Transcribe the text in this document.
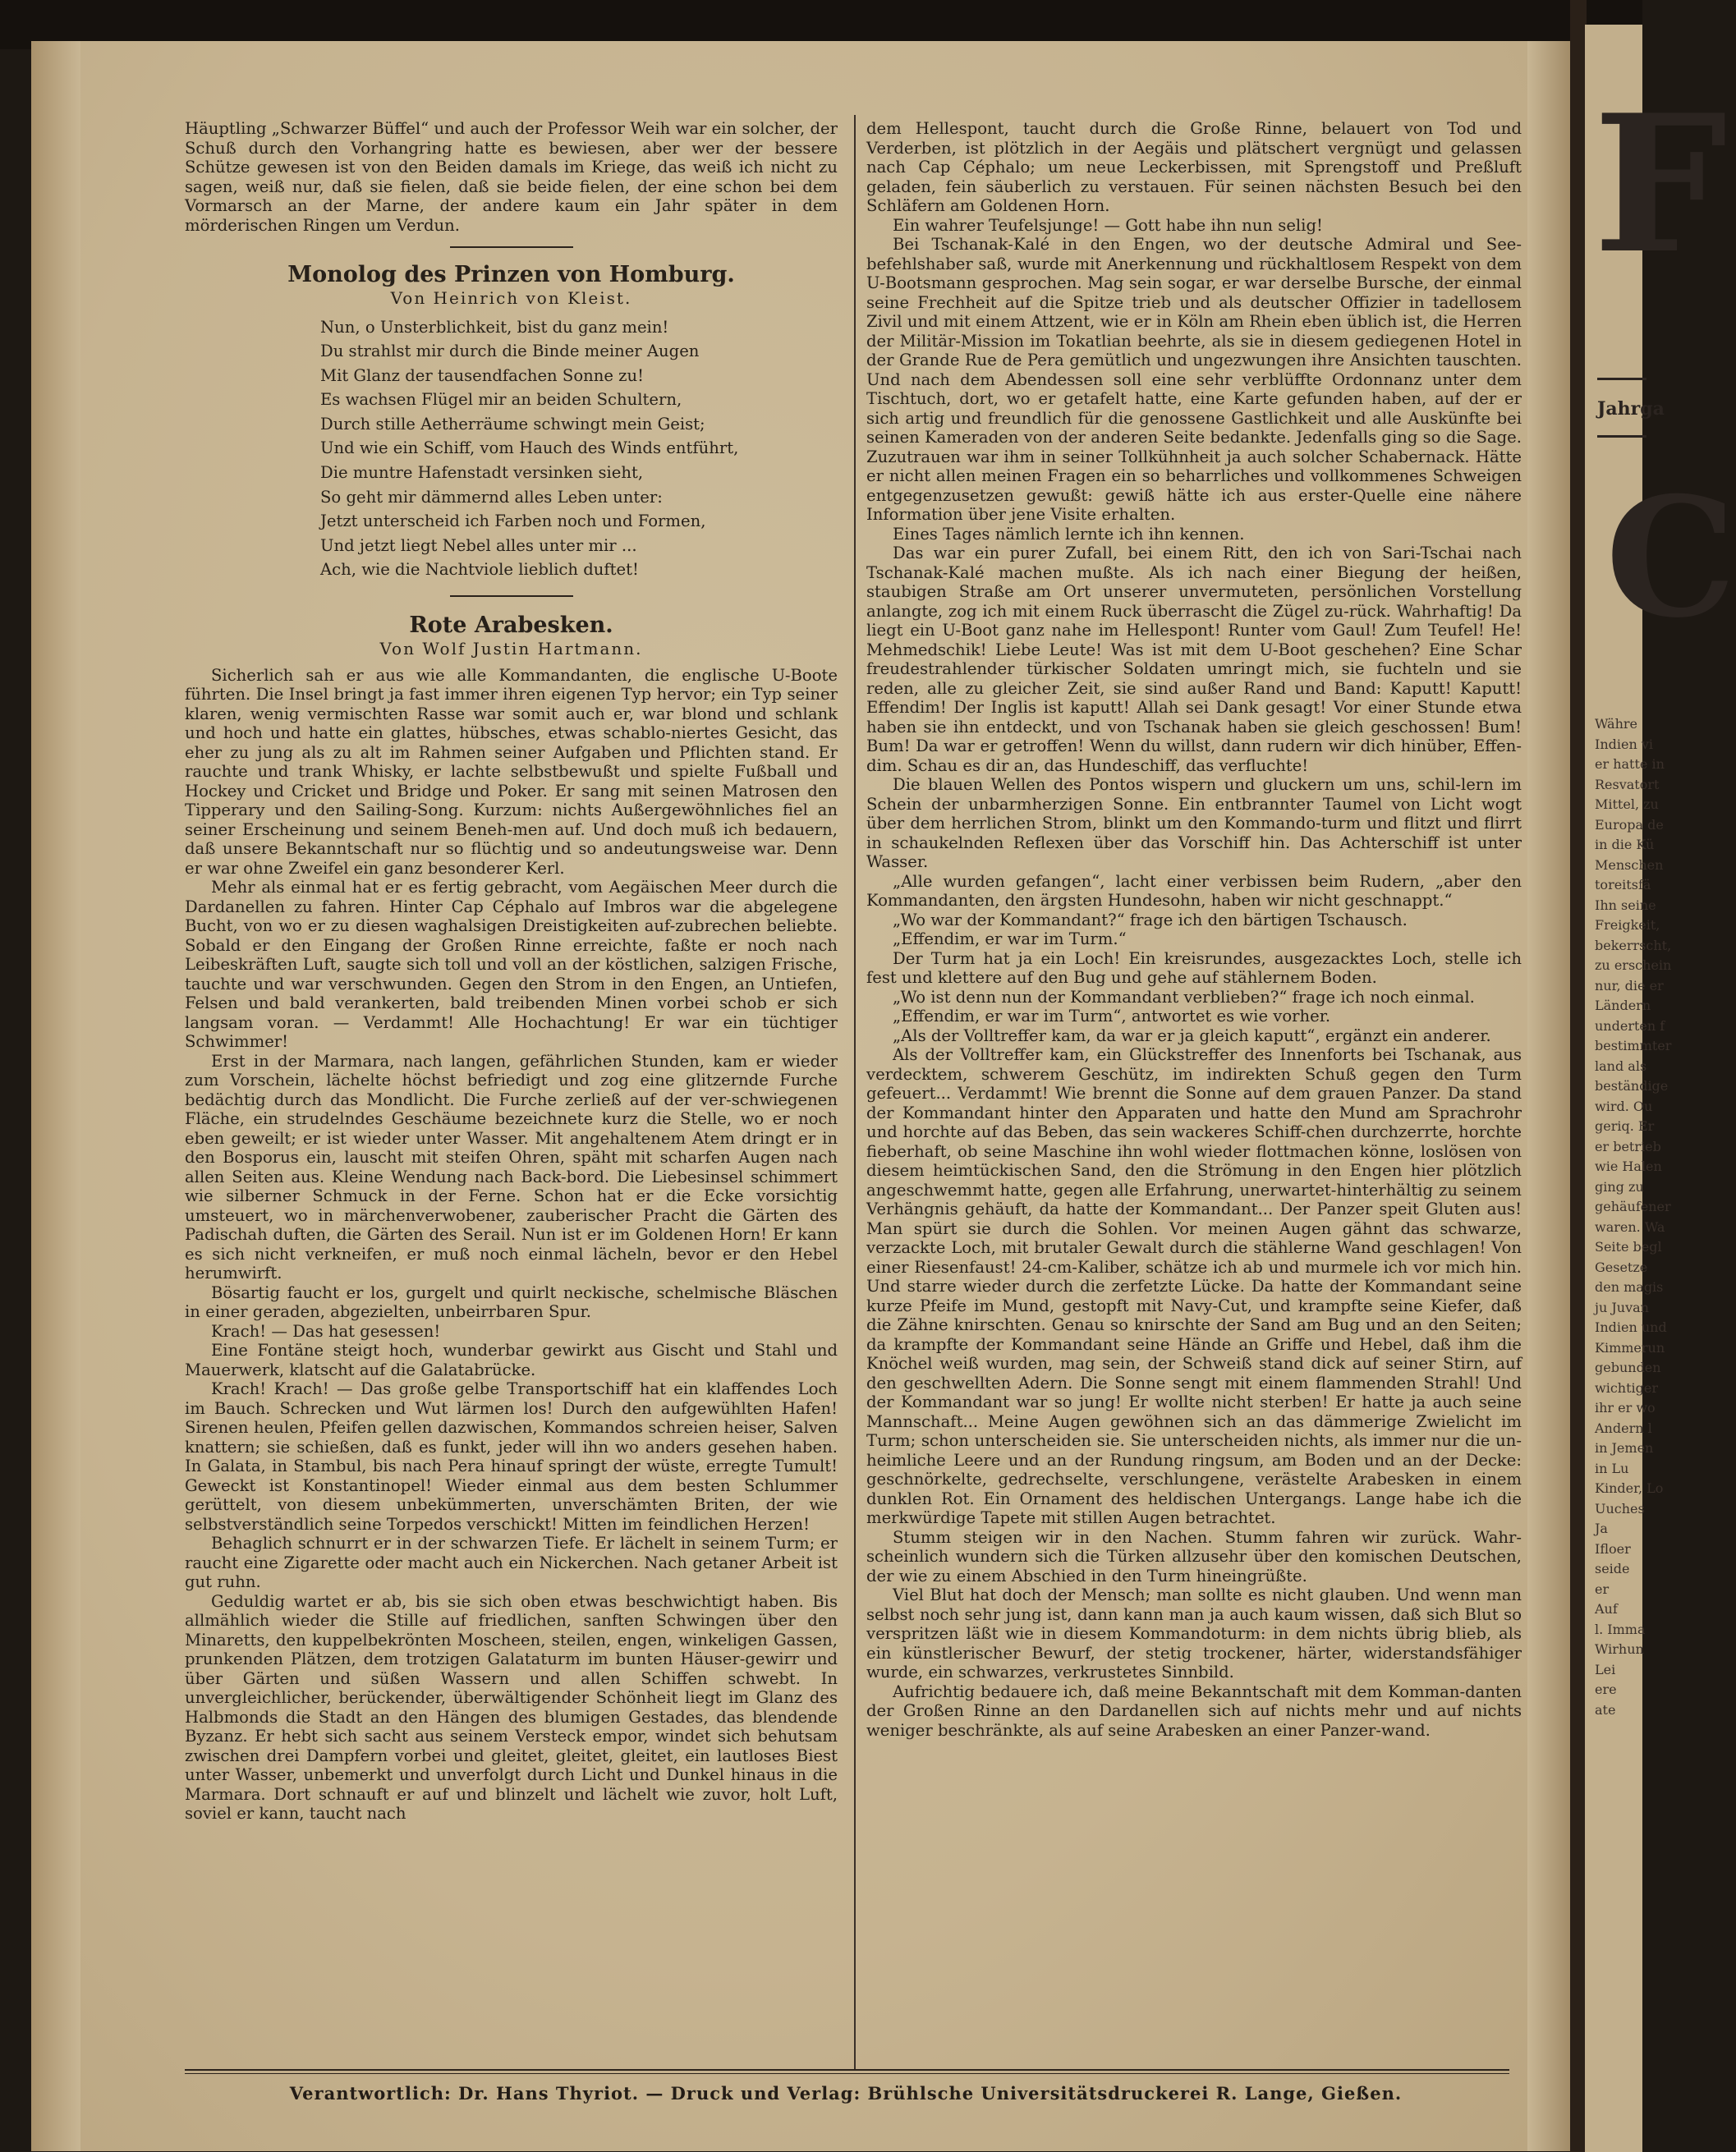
F
Jahrga
C
Währe
Indien vi
er hatte in
Resvatort
Mittel, zu
Europa de
in die Kü
Menschen
toreitsfä
Ihn seine
Freigkeit,
bekerrscht,
zu erschein
nur, die er
Ländern
underten f
bestimmter
land als
beständige
wird. Ou
geriq. Er
er betrieb
wie Halen
ging zu
gehäufener
waren. Wa
Seite begl
Gesetze
den magis
ju Juvan
Indien und
Kimmerun
gebunden
wichtiger
ihr er wo
Andern l
in Jemen
in Lu
Kinder, Lo
Uuches
Ja
Ifloer
seide
er
Auf
l. Imma
Wirhun
Lei
ere
ate

Häuptling „Schwarzer Büffel“ und auch der Professor Weih war ein solcher, der Schuß durch den Vorhangring hatte es bewiesen, aber wer der bessere Schütze gewesen ist von den Beiden damals im Kriege, das weiß ich nicht zu sagen, weiß nur, daß sie fielen, daß sie beide fielen, der eine schon bei dem Vormarsch an der Marne, der andere kaum ein Jahr später in dem mörderischen Ringen um Verdun.

Monolog des Prinzen von Homburg.
Von Heinrich von Kleist.
Nun, o Unsterblichkeit, bist du ganz mein!
Du strahlst mir durch die Binde meiner Augen
Mit Glanz der tausendfachen Sonne zu!
Es wachsen Flügel mir an beiden Schultern,
Durch stille Aetherräume schwingt mein Geist;
Und wie ein Schiff, vom Hauch des Winds entführt,
Die muntre Hafenstadt versinken sieht,
So geht mir dämmernd alles Leben unter:
Jetzt unterscheid ich Farben noch und Formen,
Und jetzt liegt Nebel alles unter mir ...
Ach, wie die Nachtviole lieblich duftet!
Rote Arabesken.
Von Wolf Justin Hartmann.

Sicherlich sah er aus wie alle Kommandanten, die englische U-Boote führten. Die Insel bringt ja fast immer ihren eigenen Typ hervor; ein Typ seiner klaren, wenig vermischten Rasse war somit auch er, war blond und schlank und hoch und hatte ein glattes, hübsches, etwas schablo-niertes Gesicht, das eher zu jung als zu alt im Rahmen seiner Aufgaben und Pflichten stand. Er rauchte und trank Whisky, er lachte selbstbewußt und spielte Fußball und Hockey und Cricket und Bridge und Poker. Er sang mit seinen Matrosen den Tipperary und den Sailing-Song. Kurzum: nichts Außergewöhnliches fiel an seiner Erscheinung und seinem Beneh-men auf. Und doch muß ich bedauern, daß unsere Bekanntschaft nur so flüchtig und so andeutungsweise war. Denn er war ohne Zweifel ein ganz besonderer Kerl.

Mehr als einmal hat er es fertig gebracht, vom Aegäischen Meer durch die Dardanellen zu fahren. Hinter Cap Céphalo auf Imbros war die abgelegene Bucht, von wo er zu diesen waghalsigen Dreistigkeiten auf-zubrechen beliebte. Sobald er den Eingang der Großen Rinne erreichte, faßte er noch nach Leibeskräften Luft, saugte sich toll und voll an der köstlichen, salzigen Frische, tauchte und war verschwunden. Gegen den Strom in den Engen, an Untiefen, Felsen und bald verankerten, bald treibenden Minen vorbei schob er sich langsam voran. — Verdammt! Alle Hochachtung! Er war ein tüchtiger Schwimmer!

Erst in der Marmara, nach langen, gefährlichen Stunden, kam er wieder zum Vorschein, lächelte höchst befriedigt und zog eine glitzernde Furche bedächtig durch das Mondlicht. Die Furche zerließ auf der ver-schwiegenen Fläche, ein strudelndes Geschäume bezeichnete kurz die Stelle, wo er noch eben geweilt; er ist wieder unter Wasser. Mit angehaltenem Atem dringt er in den Bosporus ein, lauscht mit steifen Ohren, späht mit scharfen Augen nach allen Seiten aus. Kleine Wendung nach Back-bord. Die Liebesinsel schimmert wie silberner Schmuck in der Ferne. Schon hat er die Ecke vorsichtig umsteuert, wo in märchenverwobener, zauberischer Pracht die Gärten des Padischah duften, die Gärten des Serail. Nun ist er im Goldenen Horn! Er kann es sich nicht verkneifen, er muß noch einmal lächeln, bevor er den Hebel herumwirft.

Bösartig faucht er los, gurgelt und quirlt neckische, schelmische Bläschen in einer geraden, abgezielten, unbeirrbaren Spur.

Krach! — Das hat gesessen!

Eine Fontäne steigt hoch, wunderbar gewirkt aus Gischt und Stahl und Mauerwerk, klatscht auf die Galatabrücke.

Krach! Krach! — Das große gelbe Transportschiff hat ein klaffendes Loch im Bauch. Schrecken und Wut lärmen los! Durch den aufgewühlten Hafen! Sirenen heulen, Pfeifen gellen dazwischen, Kommandos schreien heiser, Salven knattern; sie schießen, daß es funkt, jeder will ihn wo anders gesehen haben. In Galata, in Stambul, bis nach Pera hinauf springt der wüste, erregte Tumult! Geweckt ist Konstantinopel! Wieder einmal aus dem besten Schlummer gerüttelt, von diesem unbekümmerten, unverschämten Briten, der wie selbstverständlich seine Torpedos verschickt! Mitten im feindlichen Herzen!

Behaglich schnurrt er in der schwarzen Tiefe. Er lächelt in seinem Turm; er raucht eine Zigarette oder macht auch ein Nickerchen. Nach getaner Arbeit ist gut ruhn.

Geduldig wartet er ab, bis sie sich oben etwas beschwichtigt haben. Bis allmählich wieder die Stille auf friedlichen, sanften Schwingen über den Minaretts, den kuppelbekrönten Moscheen, steilen, engen, winkeligen Gassen, prunkenden Plätzen, dem trotzigen Galataturm im bunten Häuser-gewirr und über Gärten und süßen Wassern und allen Schiffen schwebt. In unvergleichlicher, berückender, überwältigender Schönheit liegt im Glanz des Halbmonds die Stadt an den Hängen des blumigen Gestades, das blendende Byzanz. Er hebt sich sacht aus seinem Versteck empor, windet sich behutsam zwischen drei Dampfern vorbei und gleitet, gleitet, gleitet, ein lautloses Biest unter Wasser, unbemerkt und unverfolgt durch Licht und Dunkel hinaus in die Marmara. Dort schnauft er auf und blinzelt und lächelt wie zuvor, holt Luft, soviel er kann, taucht nach

dem Hellespont, taucht durch die Große Rinne, belauert von Tod und Verderben, ist plötzlich in der Aegäis und plätschert vergnügt und gelassen nach Cap Céphalo; um neue Leckerbissen, mit Sprengstoff und Preßluft geladen, fein säuberlich zu verstauen. Für seinen nächsten Besuch bei den Schläfern am Goldenen Horn.

Ein wahrer Teufelsjunge! — Gott habe ihn nun selig!

Bei Tschanak-Kalé in den Engen, wo der deutsche Admiral und See-befehlshaber saß, wurde mit Anerkennung und rückhaltlosem Respekt von dem U-Bootsmann gesprochen. Mag sein sogar, er war derselbe Bursche, der einmal seine Frechheit auf die Spitze trieb und als deutscher Offizier in tadellosem Zivil und mit einem Attzent, wie er in Köln am Rhein eben üblich ist, die Herren der Militär-Mission im Tokatlian beehrte, als sie in diesem gediegenen Hotel in der Grande Rue de Pera gemütlich und ungezwungen ihre Ansichten tauschten. Und nach dem Abendessen soll eine sehr verblüffte Ordonnanz unter dem Tischtuch, dort, wo er getafelt hatte, eine Karte gefunden haben, auf der er sich artig und freundlich für die genossene Gastlichkeit und alle Auskünfte bei seinen Kameraden von der anderen Seite bedankte. Jedenfalls ging so die Sage. Zuzutrauen war ihm in seiner Tollkühnheit ja auch solcher Schabernack. Hätte er nicht allen meinen Fragen ein so beharrliches und vollkommenes Schweigen entgegenzusetzen gewußt: gewiß hätte ich aus erster-Quelle eine nähere Information über jene Visite erhalten.

Eines Tages nämlich lernte ich ihn kennen.

Das war ein purer Zufall, bei einem Ritt, den ich von Sari-Tschai nach Tschanak-Kalé machen mußte. Als ich nach einer Biegung der heißen, staubigen Straße am Ort unserer unvermuteten, persönlichen Vorstellung anlangte, zog ich mit einem Ruck überrascht die Zügel zu-rück. Wahrhaftig! Da liegt ein U-Boot ganz nahe im Hellespont! Runter vom Gaul! Zum Teufel! He! Mehmedschik! Liebe Leute! Was ist mit dem U-Boot geschehen? Eine Schar freudestrahlender türkischer Soldaten umringt mich, sie fuchteln und sie reden, alle zu gleicher Zeit, sie sind außer Rand und Band: Kaputt! Kaputt! Effendim! Der Inglis ist kaputt! Allah sei Dank gesagt! Vor einer Stunde etwa haben sie ihn entdeckt, und von Tschanak haben sie gleich geschossen! Bum! Bum! Da war er getroffen! Wenn du willst, dann rudern wir dich hinüber, Effen-dim. Schau es dir an, das Hundeschiff, das verfluchte!

Die blauen Wellen des Pontos wispern und gluckern um uns, schil-lern im Schein der unbarmherzigen Sonne. Ein entbrannter Taumel von Licht wogt über dem herrlichen Strom, blinkt um den Kommando-turm und flitzt und flirrt in schaukelnden Reflexen über das Vorschiff hin. Das Achterschiff ist unter Wasser.

„Alle wurden gefangen“, lacht einer verbissen beim Rudern, „aber den Kommandanten, den ärgsten Hundesohn, haben wir nicht geschnappt.“

„Wo war der Kommandant?“ frage ich den bärtigen Tschausch.

„Effendim, er war im Turm.“

Der Turm hat ja ein Loch! Ein kreisrundes, ausgezacktes Loch, stelle ich fest und klettere auf den Bug und gehe auf stählernem Boden.

„Wo ist denn nun der Kommandant verblieben?“ frage ich noch einmal.

„Effendim, er war im Turm“, antwortet es wie vorher.

„Als der Volltreffer kam, da war er ja gleich kaputt“, ergänzt ein anderer.

Als der Volltreffer kam, ein Glückstreffer des Innenforts bei Tschanak, aus verdecktem, schwerem Geschütz, im indirekten Schuß gegen den Turm gefeuert... Verdammt! Wie brennt die Sonne auf dem grauen Panzer. Da stand der Kommandant hinter den Apparaten und hatte den Mund am Sprachrohr und horchte auf das Beben, das sein wackeres Schiff-chen durchzerrte, horchte fieberhaft, ob seine Maschine ihn wohl wieder flottmachen könne, loslösen von diesem heimtückischen Sand, den die Strömung in den Engen hier plötzlich angeschwemmt hatte, gegen alle Erfahrung, unerwartet-hinterhältig zu seinem Verhängnis gehäuft, da hatte der Kommandant... Der Panzer speit Gluten aus! Man spürt sie durch die Sohlen. Vor meinen Augen gähnt das schwarze, verzackte Loch, mit brutaler Gewalt durch die stählerne Wand geschlagen! Von einer Riesenfaust! 24-cm-Kaliber, schätze ich ab und murmele ich vor mich hin. Und starre wieder durch die zerfetzte Lücke. Da hatte der Kommandant seine kurze Pfeife im Mund, gestopft mit Navy-Cut, und krampfte seine Kiefer, daß die Zähne knirschten. Genau so knirschte der Sand am Bug und an den Seiten; da krampfte der Kommandant seine Hände an Griffe und Hebel, daß ihm die Knöchel weiß wurden, mag sein, der Schweiß stand dick auf seiner Stirn, auf den geschwellten Adern. Die Sonne sengt mit einem flammenden Strahl! Und der Kommandant war so jung! Er wollte nicht sterben! Er hatte ja auch seine Mannschaft... Meine Augen gewöhnen sich an das dämmerige Zwielicht im Turm; schon unterscheiden sie. Sie unterscheiden nichts, als immer nur die un-heimliche Leere und an der Rundung ringsum, am Boden und an der Decke: geschnörkelte, gedrechselte, verschlungene, verästelte Arabesken in einem dunklen Rot. Ein Ornament des heldischen Untergangs. Lange habe ich die merkwürdige Tapete mit stillen Augen betrachtet.

Stumm steigen wir in den Nachen. Stumm fahren wir zurück. Wahr-scheinlich wundern sich die Türken allzusehr über den komischen Deutschen, der wie zu einem Abschied in den Turm hineingrüßte.

Viel Blut hat doch der Mensch; man sollte es nicht glauben. Und wenn man selbst noch sehr jung ist, dann kann man ja auch kaum wissen, daß sich Blut so verspritzen läßt wie in diesem Kommandoturm: in dem nichts übrig blieb, als ein künstlerischer Bewurf, der stetig trockener, härter, widerstandsfähiger wurde, ein schwarzes, verkrustetes Sinnbild.

Aufrichtig bedauere ich, daß meine Bekanntschaft mit dem Komman-danten der Großen Rinne an den Dardanellen sich auf nichts mehr und auf nichts weniger beschränkte, als auf seine Arabesken an einer Panzer-wand.

Verantwortlich: Dr. Hans Thyriot. — Druck und Verlag: Brühlsche Universitätsdruckerei R. Lange, Gießen.
